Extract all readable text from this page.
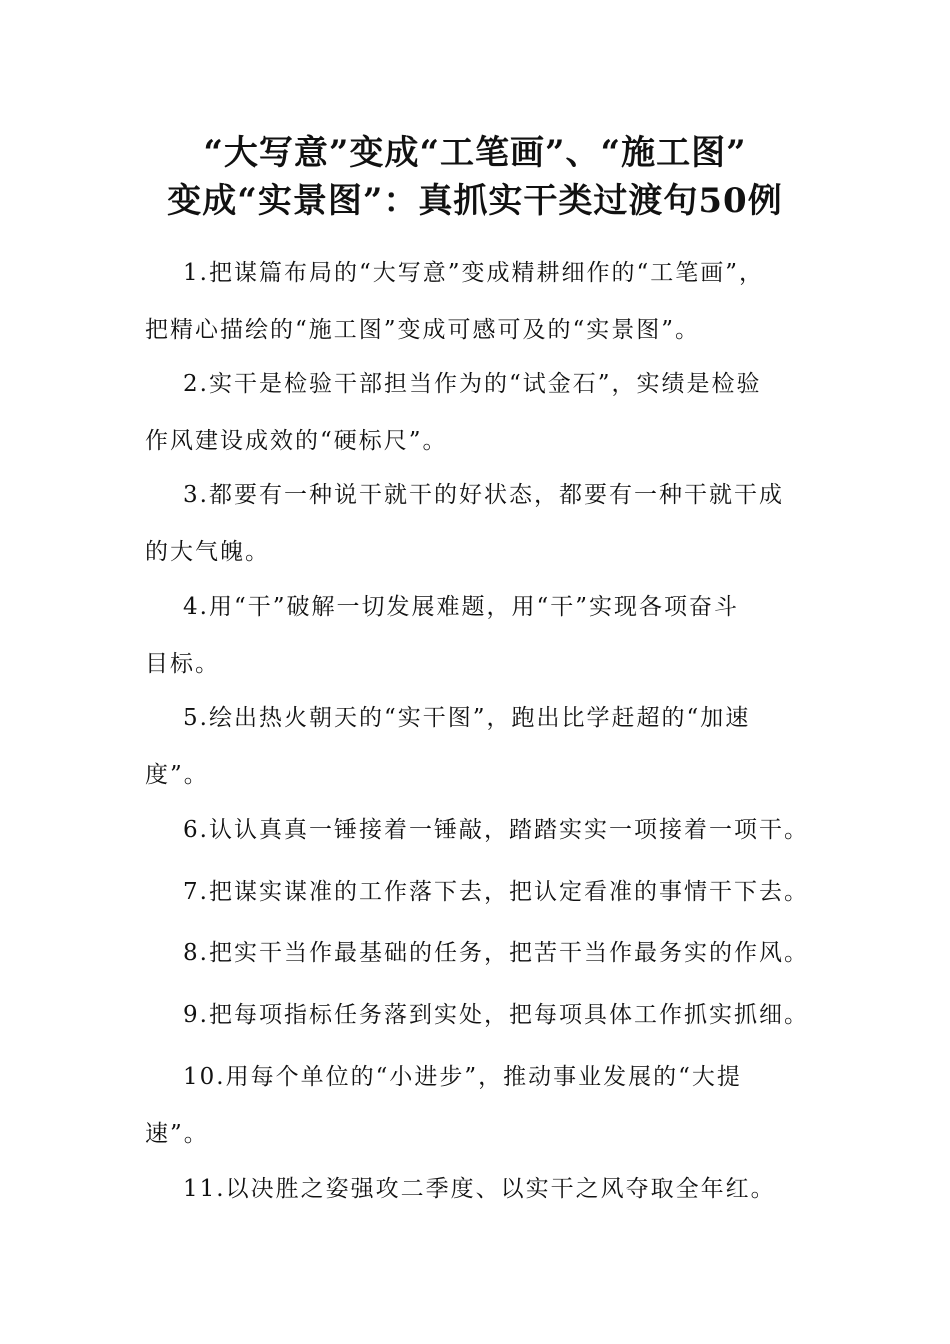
“大写意”变成“工笔画”、“施工图”
变成“实景图”：真抓实干类过渡句50例
1.把谋篇布局的“大写意”变成精耕细作的“工笔画”，
把精心描绘的“施工图”变成可感可及的“实景图”。
2.实干是检验干部担当作为的“试金石”，实绩是检验
作风建设成效的“硬标尺”。
3.都要有一种说干就干的好状态，都要有一种干就干成
的大气魄。
4.用“干”破解一切发展难题，用“干”实现各项奋斗
目标。
5.绘出热火朝天的“实干图”，跑出比学赶超的“加速
度”。
6.认认真真一锤接着一锤敲，踏踏实实一项接着一项干。
7.把谋实谋准的工作落下去，把认定看准的事情干下去。
8.把实干当作最基础的任务，把苦干当作最务实的作风。
9.把每项指标任务落到实处，把每项具体工作抓实抓细。
10.用每个单位的“小进步”，推动事业发展的“大提
速”。
11.以决胜之姿强攻二季度、以实干之风夺取全年红。
